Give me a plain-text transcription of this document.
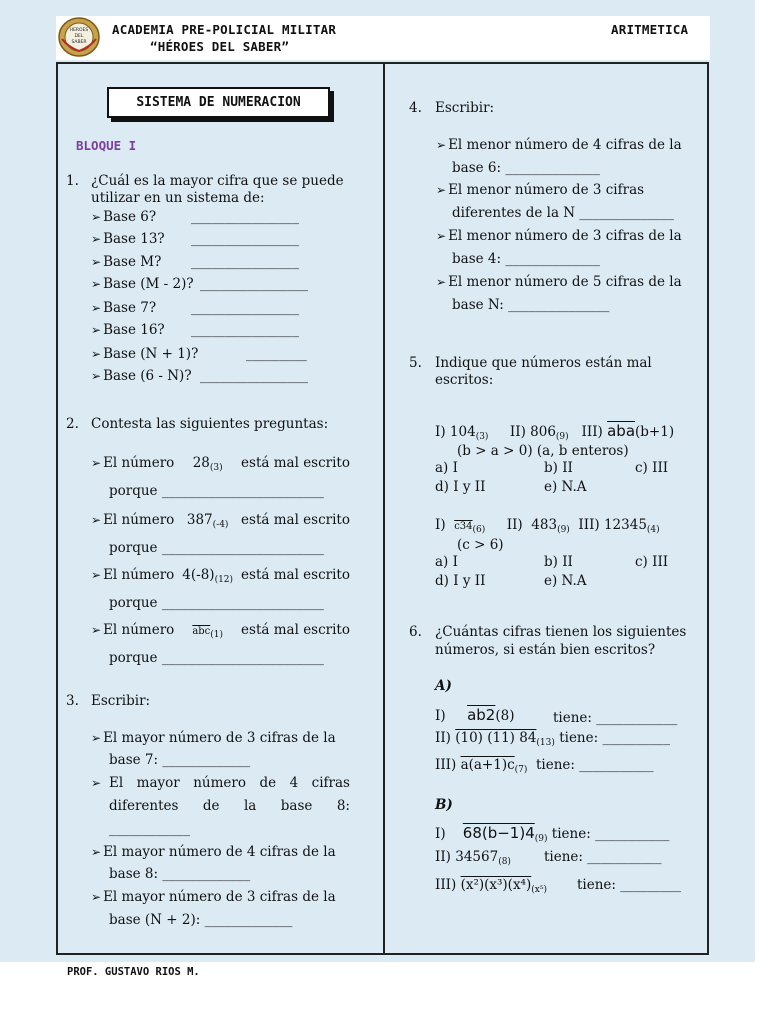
HEROES
DEL
SABER
ACADEMIA PRE-POLICIAL MILITAR
“HÉROES DEL SABER”
ARITMETICA
SISTEMA DE NUMERACION
BLOQUE I
1. ¿Cuál es la mayor cifra que se puede
utilizar en un sistema de:
➢ Base 6?	________________
➢ Base 13? ________________
➢ Base M? ________________
➢ Base (M - 2)? ________________
➢ Base 7?	________________
➢ Base 16? ________________
➢ Base (N + 1)?	_________
➢ Base (6 - N)? ________________
2. Contesta las siguientes preguntas:
➢ El número $28_{(3)}$ está mal escrito
porque ________________________
➢ El número $387_{(-4)}$ está mal escrito
porque ________________________
➢ El número $4(-8)_{(12)}$ está mal escrito
porque ________________________
➢ El número $\overline{abc}_{(1)}$ está mal escrito
porque ________________________
3. Escribir:
➢ El mayor número de 3 cifras de la
base 7: _____________
➢ El mayor número de 4 cifras
diferentes de la base 8:
____________
➢ El mayor número de 4 cifras de la
base 8: _____________
➢ El mayor número de 3 cifras de la
base (N + 2): _____________
4. Escribir:
➢ El menor número de 4 cifras de la
base 6: ______________
➢ El menor número de 3 cifras
diferentes de la N ______________
➢ El menor número de 3 cifras de la
base 4: ______________
➢ El menor número de 5 cifras de la
base N: _______________
5. Indique que números están mal
escritos:
I) $104_{(3)}$ II) $806_{(9)}$ III) $\overline{aba}(b+1)$
(b > a > 0) (a, b enteros)
a) I	b) II	c) III
d) I y II	e) N.A
I) $c34_{(6)}$ II) $483_{(9)}$ III) $12345_{(4)}$
(c > 6)
a) I	b) II	c) III
d) I y II	e) N.A
6. ¿Cuántas cifras tienen los siguientes
números, si están bien escritos?
A)
I) ab2(8)	tiene: ____________
II) (10) (11) $84_{(13)}$ tiene: __________
III) $a(a+1)c_{(7)}$ tiene: ___________
B)
I) $68(b-1)4_{(9)}$ tiene: ___________
II) $34567_{(8)}$ tiene: ___________
III) $(x^2)(x^3)(x^4)_{(x^5)}$ tiene: _________
PROF. GUSTAVO RIOS M.
